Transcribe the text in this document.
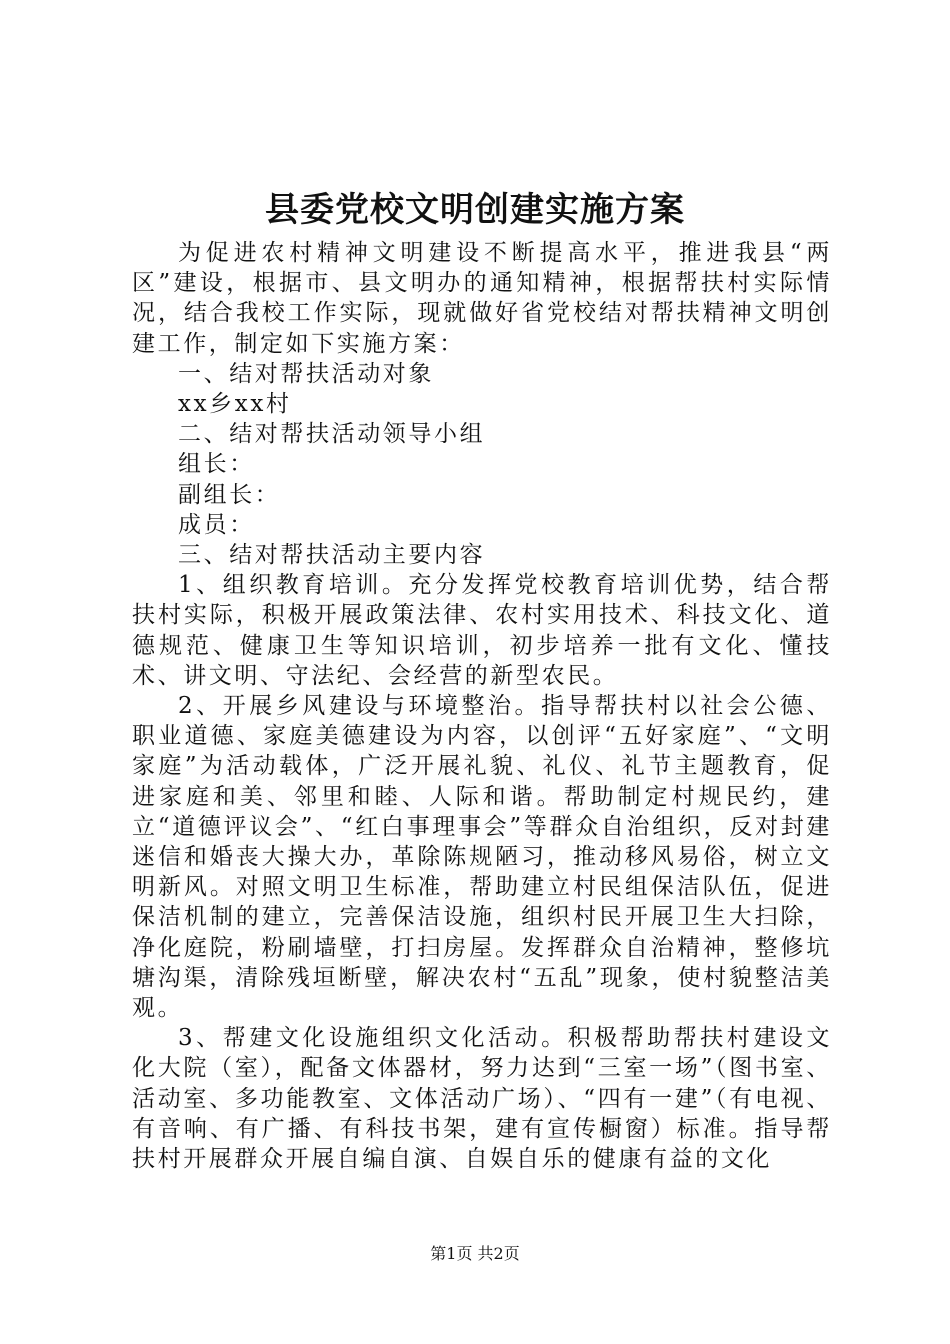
县委党校文明创建实施方案

为促进农村精神文明建设不断提高水平，推进我县“两区”建设，根据市、县文明办的通知精神，根据帮扶村实际情况，结合我校工作实际，现就做好省党校结对帮扶精神文明创建工作，制定如下实施方案：

一、结对帮扶活动对象

xx乡xx村

二、结对帮扶活动领导小组

组长：

副组长：

成员：

三、结对帮扶活动主要内容

1、组织教育培训。充分发挥党校教育培训优势，结合帮扶村实际，积极开展政策法律、农村实用技术、科技文化、道德规范、健康卫生等知识培训，初步培养一批有文化、懂技术、讲文明、守法纪、会经营的新型农民。

2、开展乡风建设与环境整治。指导帮扶村以社会公德、职业道德、家庭美德建设为内容，以创评“五好家庭”、“文明家庭”为活动载体，广泛开展礼貌、礼仪、礼节主题教育，促进家庭和美、邻里和睦、人际和谐。帮助制定村规民约，建立“道德评议会”、“红白事理事会”等群众自治组织，反对封建迷信和婚丧大操大办，革除陈规陋习，推动移风易俗，树立文明新风。对照文明卫生标准，帮助建立村民组保洁队伍，促进保洁机制的建立，完善保洁设施，组织村民开展卫生大扫除，净化庭院，粉刷墙壁，打扫房屋。发挥群众自治精神，整修坑塘沟渠，清除残垣断壁，解决农村“五乱”现象，使村貌整洁美观。

3、帮建文化设施组织文化活动。积极帮助帮扶村建设文化大院（室），配备文体器材，努力达到“三室一场”（图书室、活动室、多功能教室、文体活动广场）、“四有一建”（有电视、有音响、有广播、有科技书架，建有宣传橱窗）标准。指导帮扶村开展群众开展自编自演、自娱自乐的健康有益的文化

第1页 共2页
